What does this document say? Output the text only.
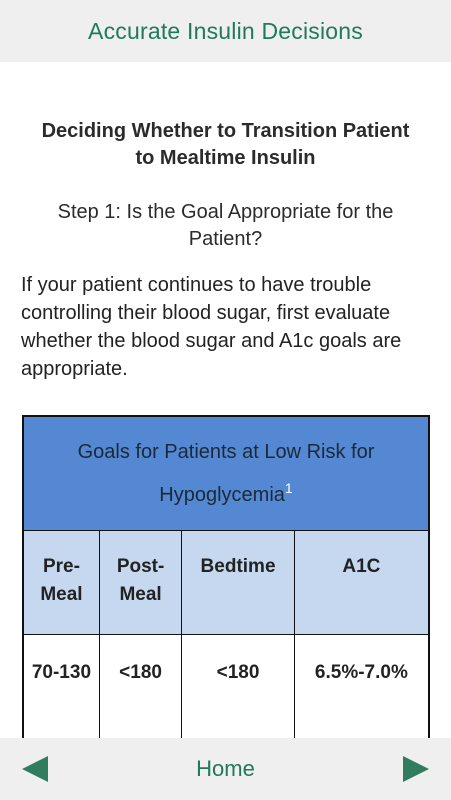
Accurate Insulin Decisions
Deciding Whether to Transition Patient to Mealtime Insulin

Step 1: Is the Goal Appropriate for the Patient?

If your patient continues to have trouble controlling their blood sugar, first evaluate whether the blood sugar and A1c goals are appropriate.

Goals for Patients at Low Risk for Hypoglycemia$^1$
Pre-Meal	Post-Meal	Bedtime	A1C
70-130	<180	<180	6.5%-7.0%
Home
